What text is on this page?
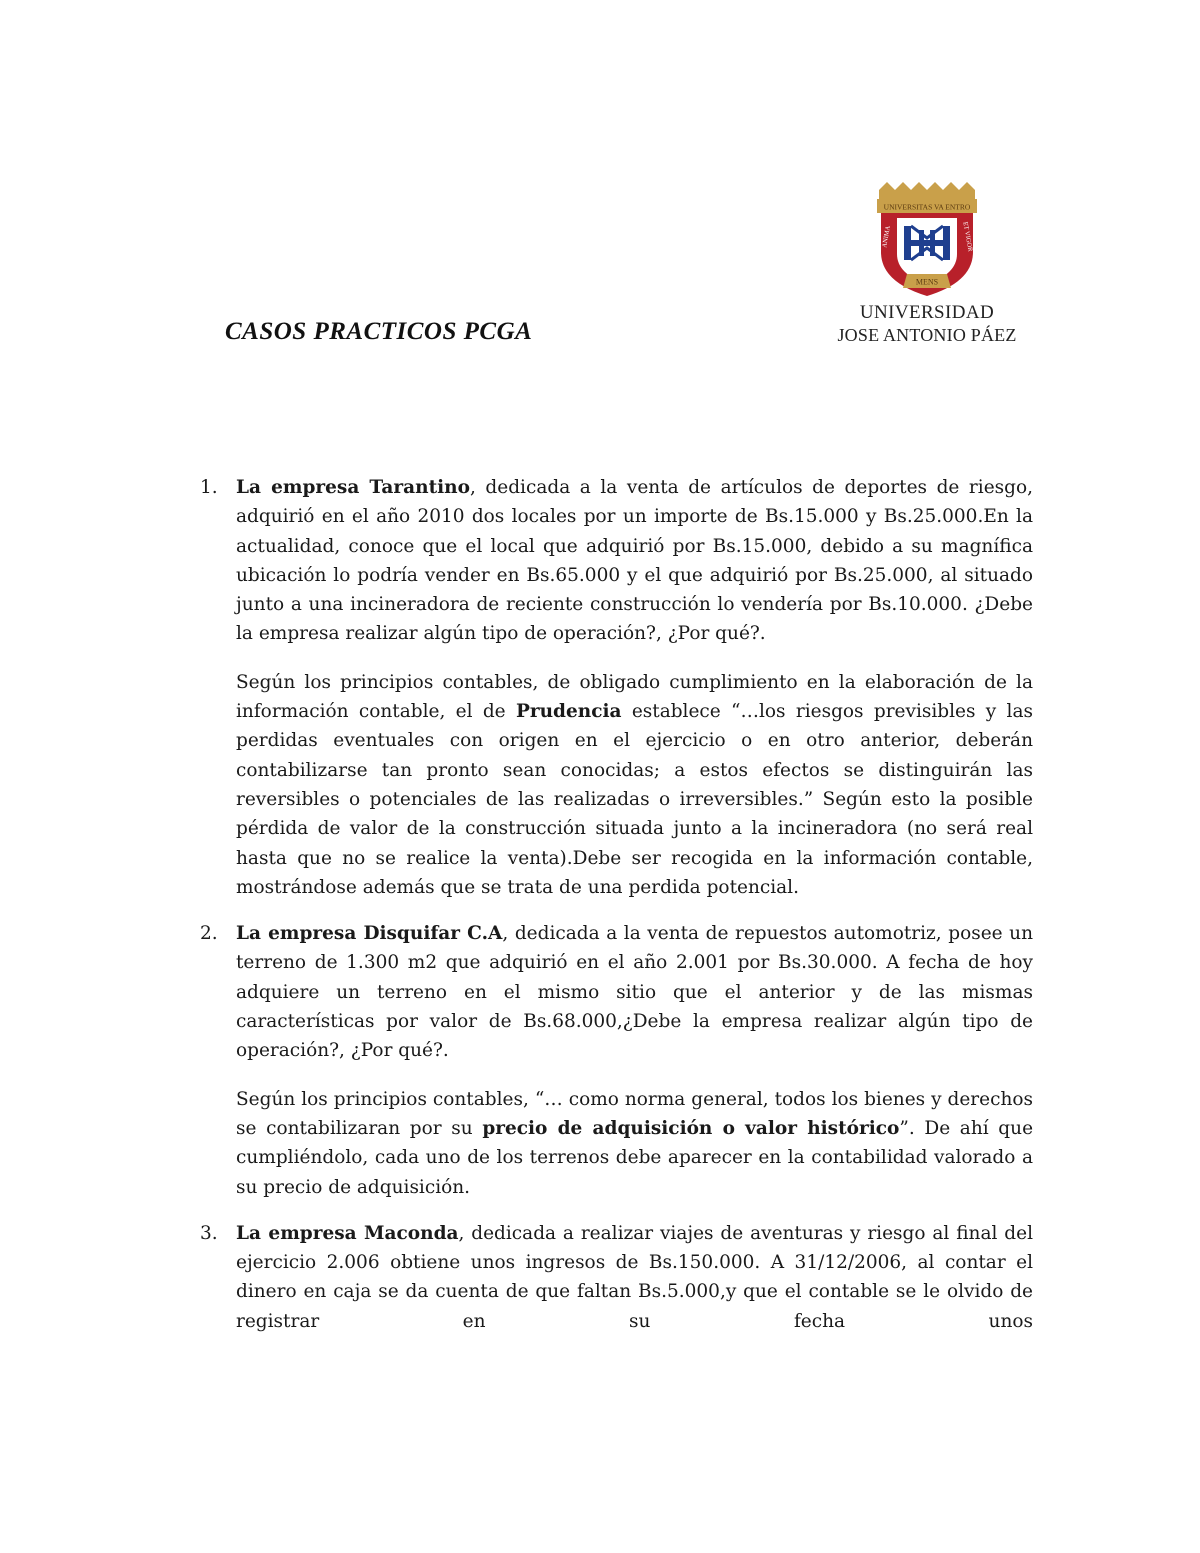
CASOS PRACTICOS PCGA
UNIVERSITAS VA ENTRO
ANIMA	ET VIGOR
MENS
UNIVERSIDAD
JOSE ANTONIO PÁEZ
1. La empresa Tarantino, dedicada a la venta de artículos de deportes de riesgo, adquirió en el año 2010 dos locales por un importe de Bs.15.000 y Bs.25.000.En la actualidad, conoce que el local que adquirió por Bs.15.000, debido a su magnífica ubicación lo podría vender en Bs.65.000 y el que adquirió por Bs.25.000, al situado junto a una incineradora de reciente construcción lo vendería por Bs.10.000. ¿Debe la empresa realizar algún tipo de operación?, ¿Por qué?.

Según los principios contables, de obligado cumplimiento en la elaboración de la información contable, el de Prudencia establece “…los riesgos previsibles y las perdidas eventuales con origen en el ejercicio o en otro anterior, deberán contabilizarse tan pronto sean conocidas; a estos efectos se distinguirán las reversibles o potenciales de las realizadas o irreversibles.” Según esto la posible pérdida de valor de la construcción situada junto a la incineradora (no será real hasta que no se realice la venta).Debe ser recogida en la información contable, mostrándose además que se trata de una perdida potencial.

2. La empresa Disquifar C.A, dedicada a la venta de repuestos automotriz, posee un terreno de 1.300 m2 que adquirió en el año 2.001 por Bs.30.000. A fecha de hoy adquiere un terreno en el mismo sitio que el anterior y de las mismas características por valor de Bs.68.000,¿Debe la empresa realizar algún tipo de operación?, ¿Por qué?.

Según los principios contables, “… como norma general, todos los bienes y derechos se contabilizaran por su precio de adquisición o valor histórico”. De ahí que cumpliéndolo, cada uno de los terrenos debe aparecer en la contabilidad valorado a su precio de adquisición.

3. La empresa Maconda, dedicada a realizar viajes de aventuras y riesgo al final del ejercicio 2.006 obtiene unos ingresos de Bs.150.000. A 31/12/2006, al contar el dinero en caja se da cuenta de que faltan Bs.5.000,y que el contable se le olvido de registrar en su fecha unos
